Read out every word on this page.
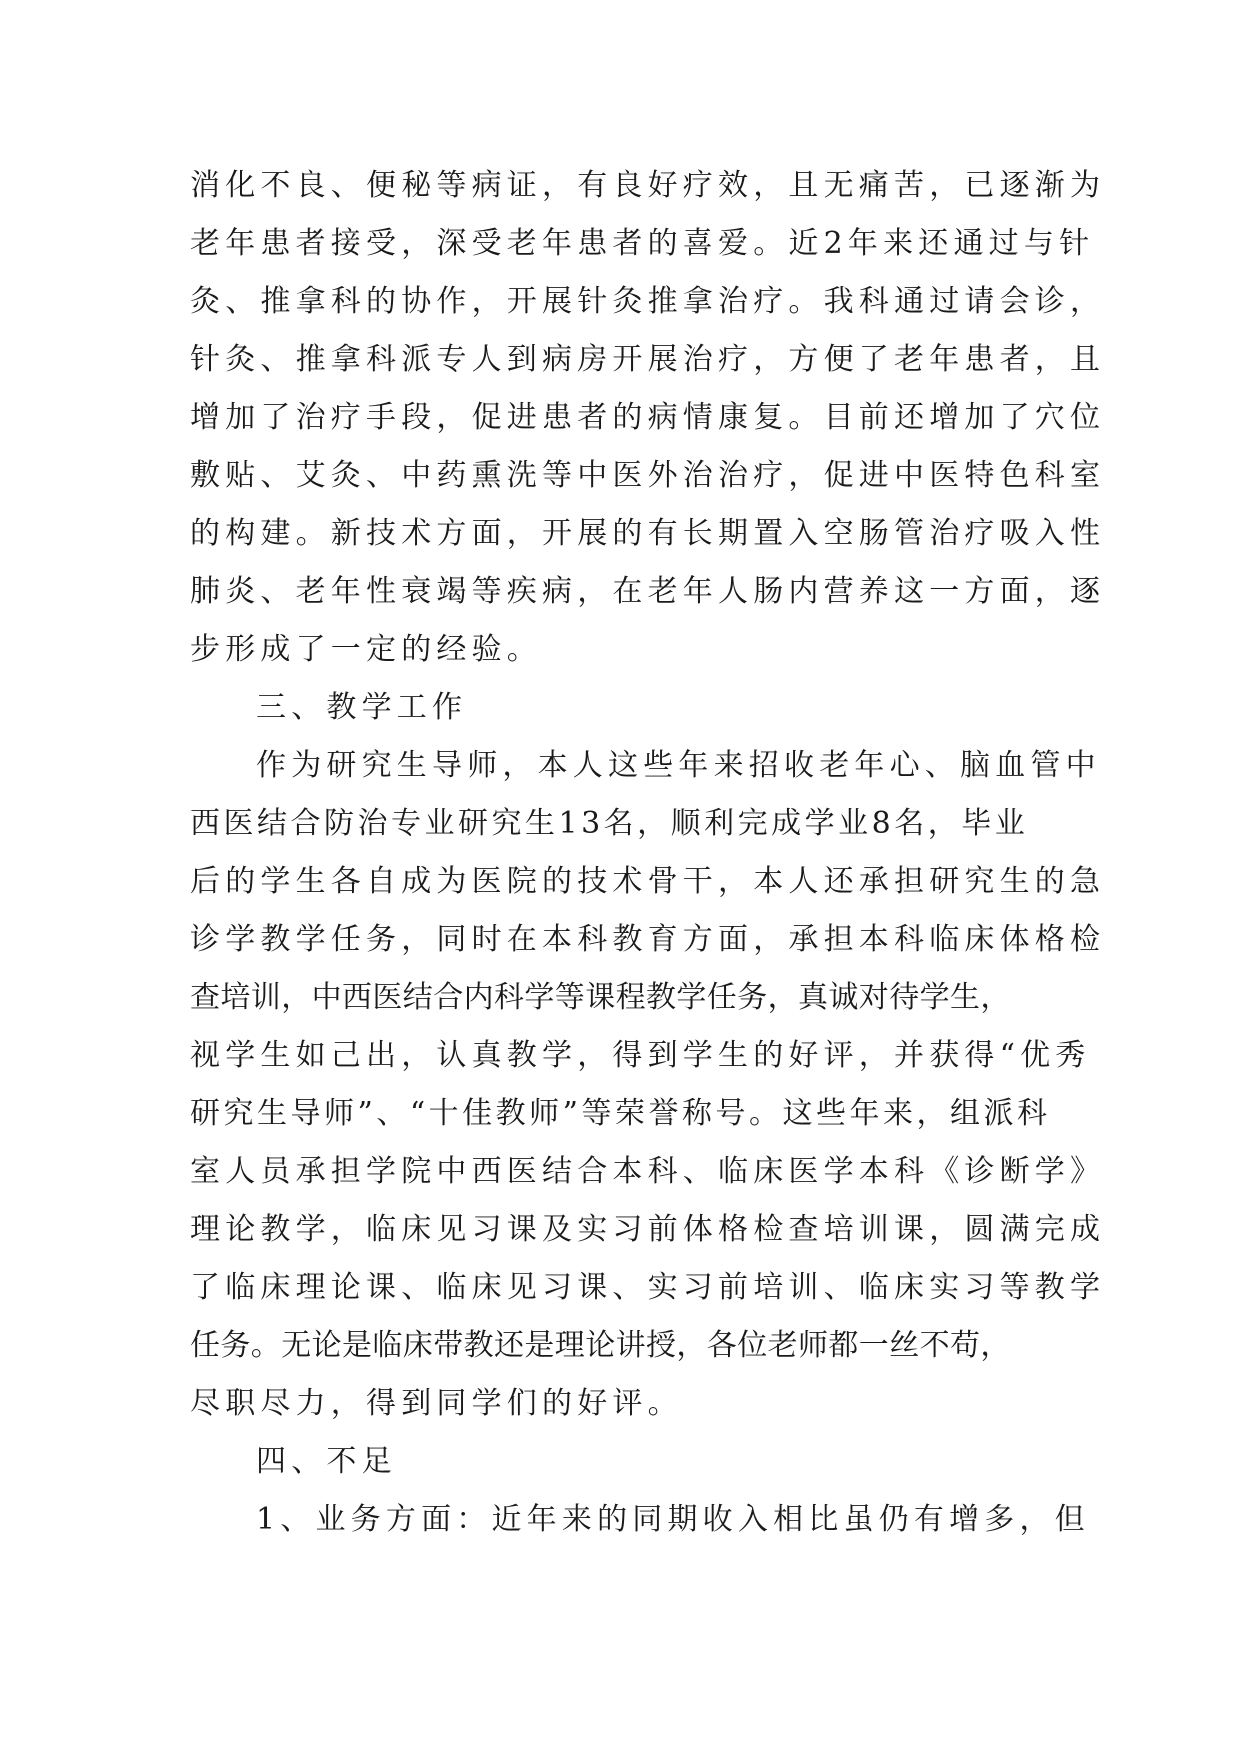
消化不良、便秘等病证，有良好疗效，且无痛苦，已逐渐为
老年患者接受，深受老年患者的喜爱。近2年来还通过与针
灸、推拿科的协作，开展针灸推拿治疗。我科通过请会诊，
针灸、推拿科派专人到病房开展治疗，方便了老年患者，且
增加了治疗手段，促进患者的病情康复。目前还增加了穴位
敷贴、艾灸、中药熏洗等中医外治治疗，促进中医特色科室
的构建。新技术方面，开展的有长期置入空肠管治疗吸入性
肺炎、老年性衰竭等疾病，在老年人肠内营养这一方面，逐
步形成了一定的经验。
三、教学工作
作为研究生导师，本人这些年来招收老年心、脑血管中
西医结合防治专业研究生13名，顺利完成学业8名，毕业
后的学生各自成为医院的技术骨干，本人还承担研究生的急
诊学教学任务，同时在本科教育方面，承担本科临床体格检
查培训，中西医结合内科学等课程教学任务，真诚对待学生，
视学生如己出，认真教学，得到学生的好评，并获得“优秀
研究生导师”、“十佳教师”等荣誉称号。这些年来，组派科
室人员承担学院中西医结合本科、临床医学本科《诊断学》
理论教学，临床见习课及实习前体格检查培训课，圆满完成
了临床理论课、临床见习课、实习前培训、临床实习等教学
任务。无论是临床带教还是理论讲授，各位老师都一丝不苟，
尽职尽力，得到同学们的好评。
四、不足
1、业务方面：近年来的同期收入相比虽仍有增多，但
